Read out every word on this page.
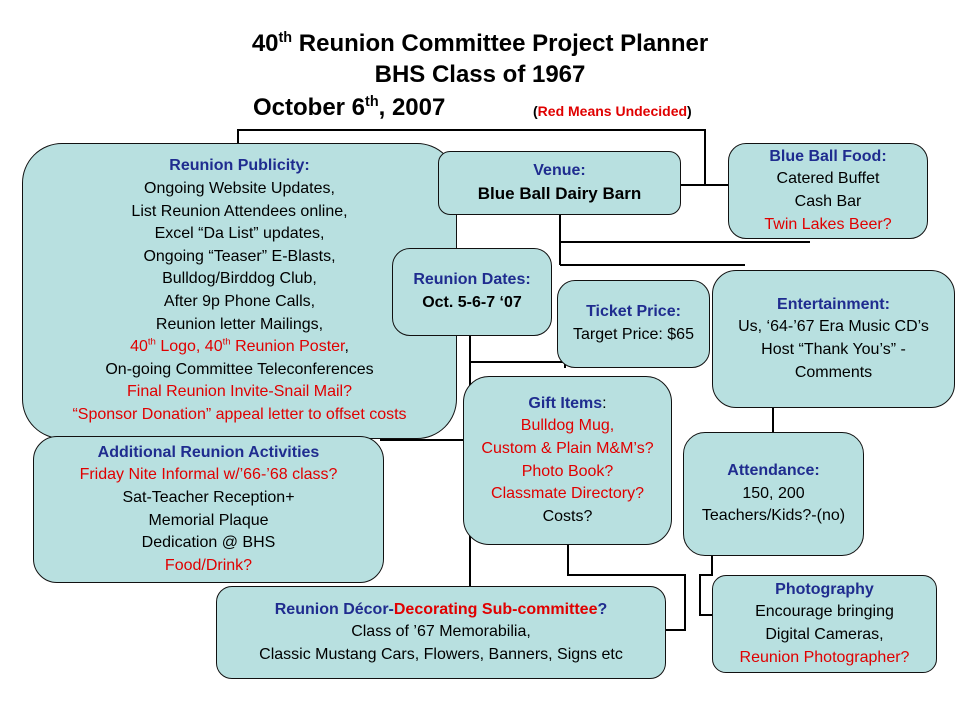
40th Reunion Committee Project Planner
BHS Class of 1967
October 6th, 2007	(Red Means Undecided)
Reunion Publicity:
Ongoing Website Updates,
List Reunion Attendees online,
Excel “Da List” updates,
Ongoing “Teaser” E-Blasts,
Bulldog/Birddog Club,
After 9p Phone Calls,
Reunion letter Mailings,
40th Logo, 40th Reunion Poster,
On-going Committee Teleconferences
Final Reunion Invite-Snail Mail?
“Sponsor Donation” appeal letter to offset costs
Venue:
Blue Ball Dairy Barn
Blue Ball Food:
Catered Buffet
Cash Bar
Twin Lakes Beer?
Reunion Dates:
Oct. 5-6-7 ‘07
Ticket Price:
Target Price: $65
Entertainment:
Us, ‘64-’67 Era Music CD’s
Host “Thank You’s” -
Comments
Gift Items:
Bulldog Mug,
Custom & Plain M&M’s?
Photo Book?
Classmate Directory?
Costs?
Additional Reunion Activities
Friday Nite Informal w/’66-’68 class?
Sat-Teacher Reception+
Memorial Plaque
Dedication @ BHS
Food/Drink?
Attendance:
150, 200
Teachers/Kids?-(no)
Reunion Décor-Decorating Sub-committee?
Class of ’67 Memorabilia,
Classic Mustang Cars, Flowers, Banners, Signs etc
Photography
Encourage bringing
Digital Cameras,
Reunion Photographer?
